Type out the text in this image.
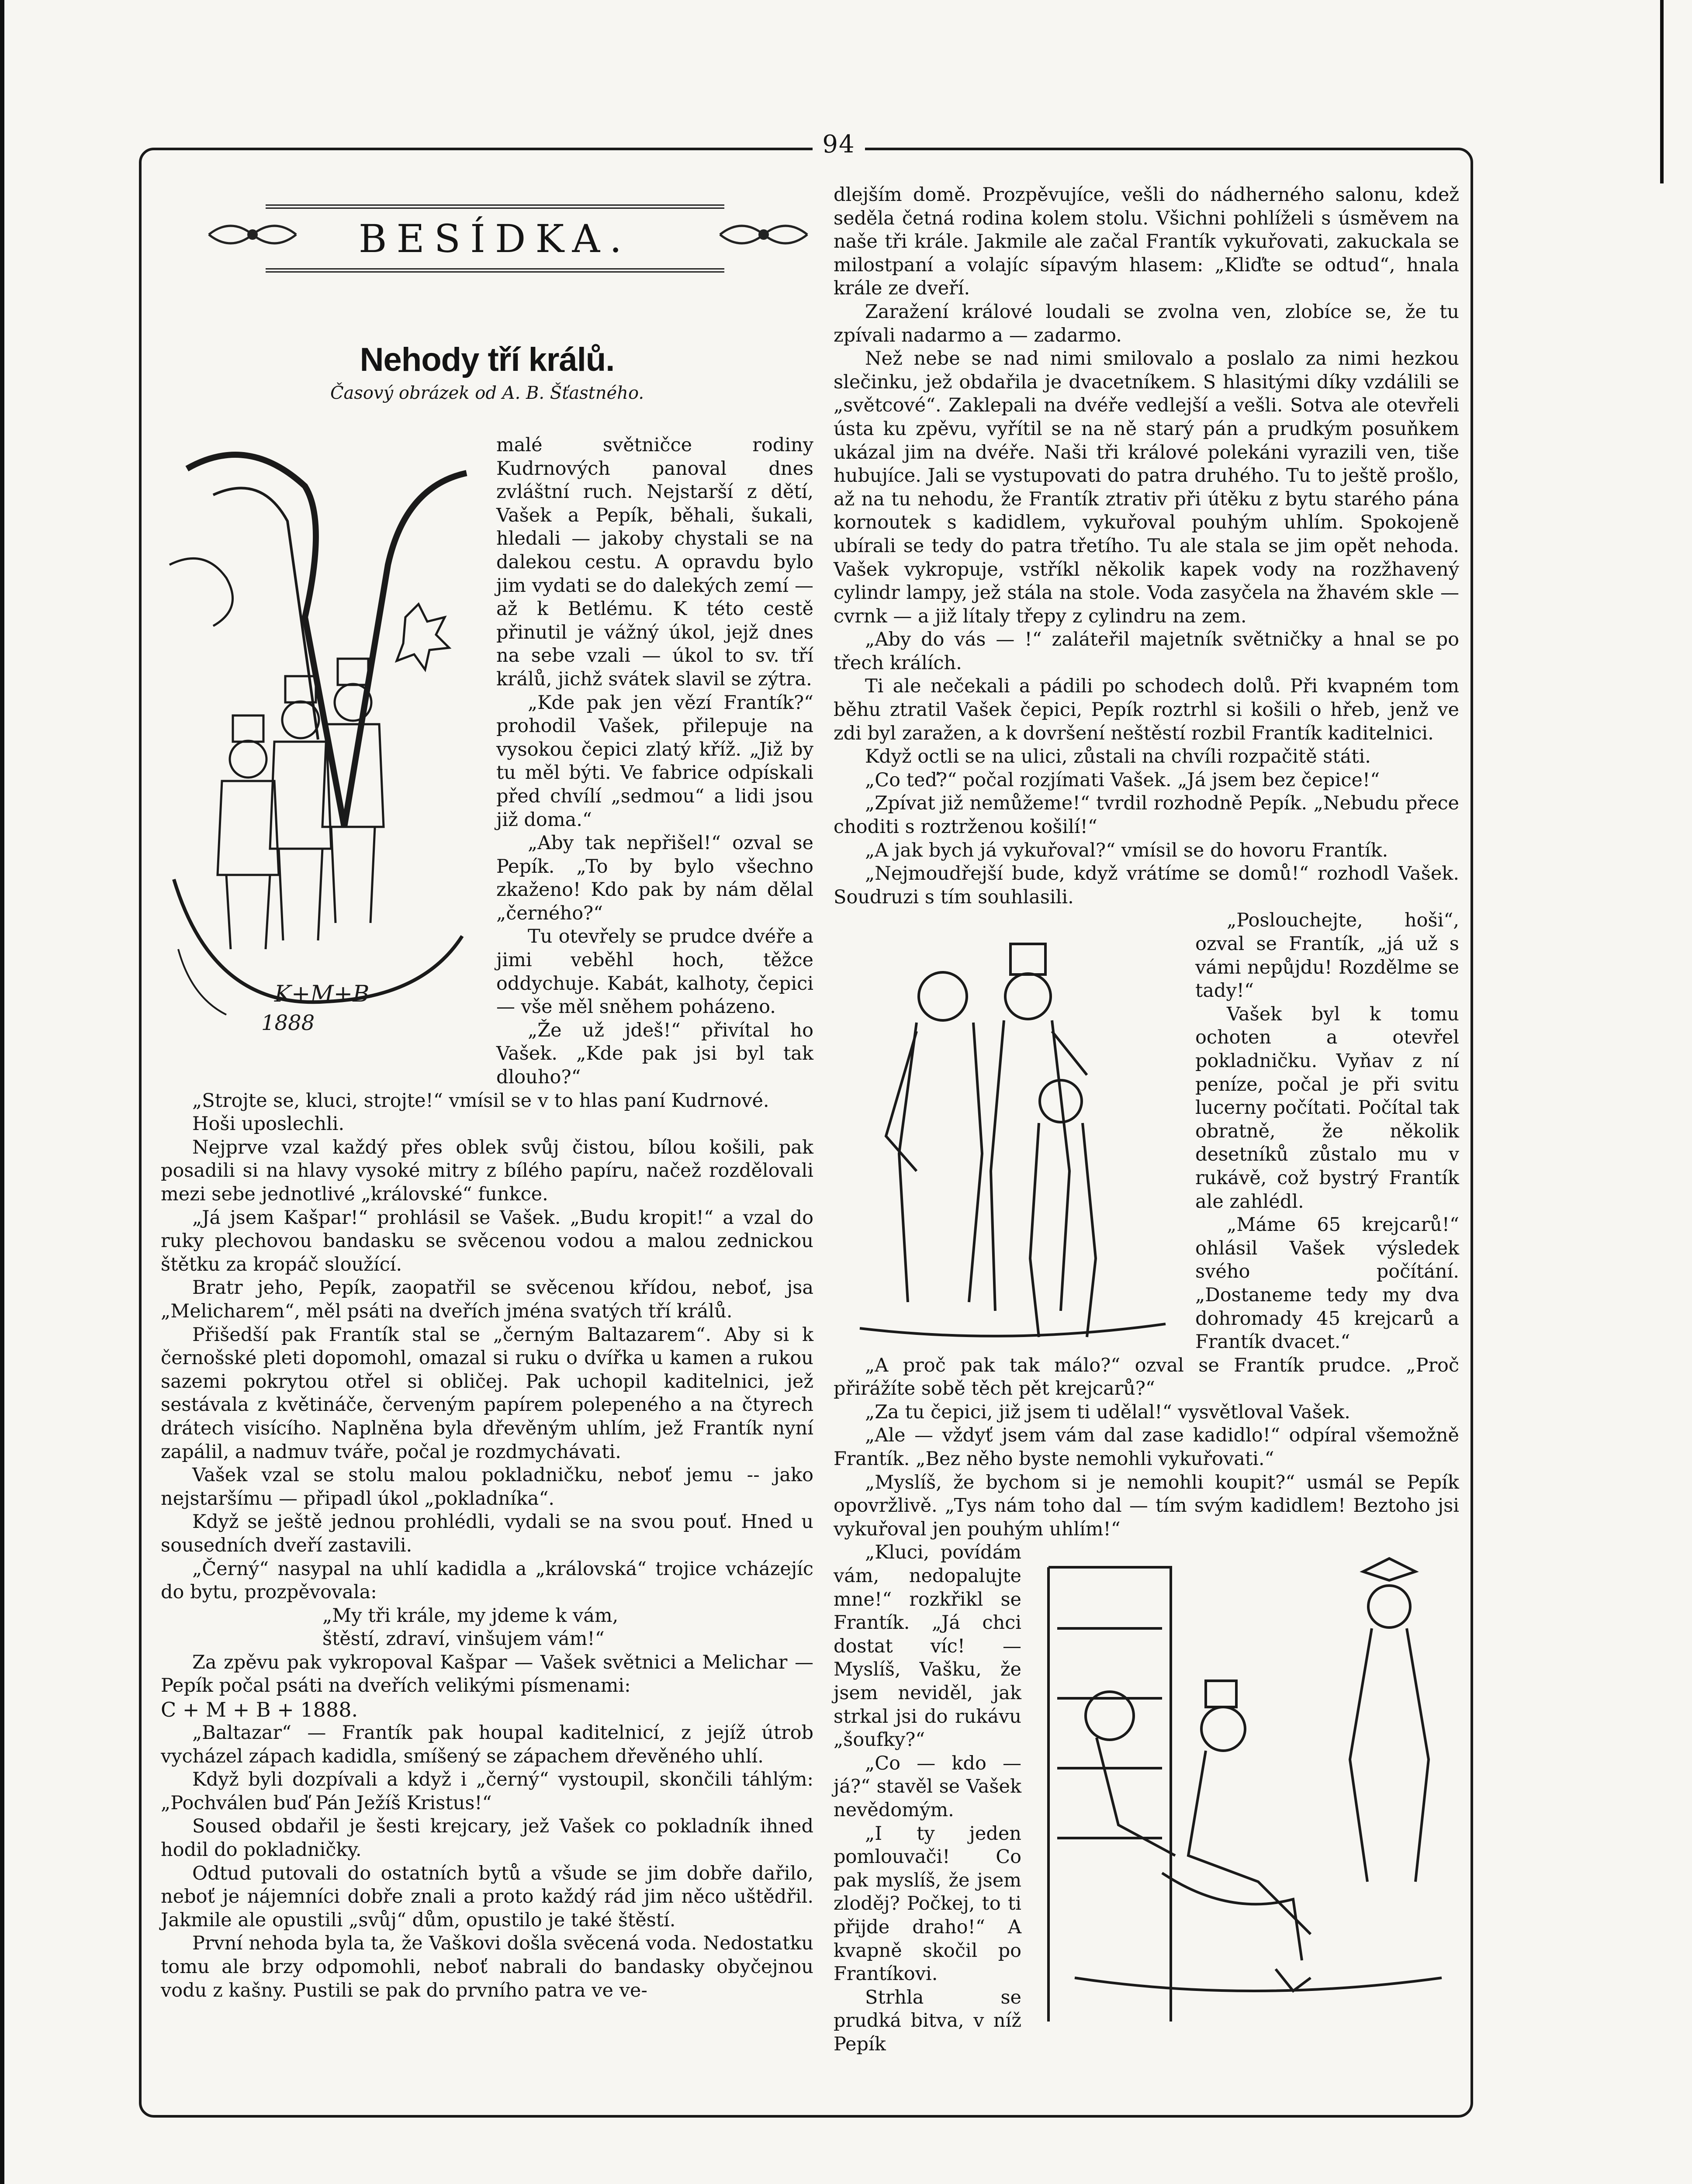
94
BESÍDKA.
Nehody tří králů.
Časový obrázek od A. B. Šťastného.
K+M+B
1888

malé světničce rodiny Kudrnových panoval dnes zvláštní ruch. Nejstarší z dětí, Vašek a Pepík, běhali, šukali, hledali — jakoby chystali se na dalekou cestu. A opravdu bylo jim vydati se do dalekých zemí — až k Betlému. K této cestě přinutil je vážný úkol, jejž dnes na sebe vzali — úkol to sv. tří králů, jichž svátek slavil se zýtra.

„Kde pak jen vězí Frantík?“ prohodil Vašek, přilepuje na vysokou čepici zlatý kříž. „Již by tu měl býti. Ve fabrice odpískali před chvílí „sedmou“ a lidi jsou již doma.“

„Aby tak nepřišel!“ ozval se Pepík. „To by bylo všechno zkaženo! Kdo pak by nám dělal „černého?“

Tu otevřely se prudce dvéře a jimi veběhl hoch, těžce oddychuje. Kabát, kalhoty, čepici — vše měl sněhem poházeno.

„Že už jdeš!“ přivítal ho Vašek. „Kde pak jsi byl tak dlouho?“

„Strojte se, kluci, strojte!“ vmísil se v to hlas paní Kudrnové.

Hoši uposlechli.

Nejprve vzal každý přes oblek svůj čistou, bílou košili, pak posadili si na hlavy vysoké mitry z bílého papíru, načež rozdělovali mezi sebe jednotlivé „královské“ funkce.

„Já jsem Kašpar!“ prohlásil se Vašek. „Budu kropit!“ a vzal do ruky plechovou bandasku se svěcenou vodou a malou zednickou štětku za kropáč sloužící.

Bratr jeho, Pepík, zaopatřil se svěcenou křídou, neboť, jsa „Melicharem“, měl psáti na dveřích jména svatých tří králů.

Přišedší pak Frantík stal se „černým Baltazarem“. Aby si k černošské pleti dopomohl, omazal si ruku o dvířka u kamen a rukou sazemi pokrytou otřel si obličej. Pak uchopil kaditelnici, jež sestávala z květináče, červeným papírem polepeného a na čtyrech drátech visícího. Naplněna byla dřevěným uhlím, jež Frantík nyní zapálil, a nadmuv tváře, počal je rozdmychávati.

Vašek vzal se stolu malou pokladničku, neboť jemu -- jako nejstaršímu — připadl úkol „pokladníka“.

Když se ještě jednou prohlédli, vydali se na svou pouť. Hned u sousedních dveří zastavili.

„Černý“ nasypal na uhlí kadidla a „královská“ trojice vcházejíc do bytu, prozpěvovala:

„My tři krále, my jdeme k vám,

štěstí, zdraví, vinšujem vám!“

Za zpěvu pak vykropoval Kašpar — Vašek světnici a Melichar — Pepík počal psáti na dveřích velikými písmenami:

C + M + B + 1888.

„Baltazar“ — Frantík pak houpal kaditelnicí, z jejíž útrob vycházel zápach kadidla, smíšený se zápachem dřevěného uhlí.

Když byli dozpívali a když i „černý“ vystoupil, skončili táhlým: „Pochválen buď Pán Ježíš Kristus!“

Soused obdařil je šesti krejcary, jež Vašek co pokladník ihned hodil do pokladničky.

Odtud putovali do ostatních bytů a všude se jim dobře dařilo, neboť je nájemníci dobře znali a proto každý rád jim něco uštědřil. Jakmile ale opustili „svůj“ dům, opustilo je také štěstí.

První nehoda byla ta, že Vaškovi došla svěcená voda. Nedostatku tomu ale brzy odpomohli, neboť nabrali do bandasky obyčejnou vodu z kašny. Pustili se pak do prvního patra ve ve-

dlejším domě. Prozpěvujíce, vešli do nádherného salonu, kdež seděla četná rodina kolem stolu. Všichni pohlíželi s úsměvem na naše tři krále. Jakmile ale začal Frantík vykuřovati, zakuckala se milostpaní a volajíc sípavým hlasem: „Kliďte se odtud“, hnala krále ze dveří.

Zaražení králové loudali se zvolna ven, zlobíce se, že tu zpívali nadarmo a — zadarmo.

Než nebe se nad nimi smilovalo a poslalo za nimi hezkou slečinku, jež obdařila je dvacetníkem. S hlasitými díky vzdálili se „světcové“. Zaklepali na dvéře vedlejší a vešli. Sotva ale otevřeli ústa ku zpěvu, vyřítil se na ně starý pán a prudkým posuňkem ukázal jim na dvéře. Naši tři králové polekáni vyrazili ven, tiše hubujíce. Jali se vystupovati do patra druhého. Tu to ještě prošlo, až na tu nehodu, že Frantík ztrativ při útěku z bytu starého pána kornoutek s kadidlem, vykuřoval pouhým uhlím. Spokojeně ubírali se tedy do patra třetího. Tu ale stala se jim opět nehoda. Vašek vykropuje, vstříkl několik kapek vody na rozžhavený cylindr lampy, jež stála na stole. Voda zasyčela na žhavém skle — cvrnk — a již lítaly třepy z cylindru na zem.

„Aby do vás — !“ zaláteřil majetník světničky a hnal se po třech králích.

Ti ale nečekali a pádili po schodech dolů. Při kvapném tom běhu ztratil Vašek čepici, Pepík roztrhl si košili o hřeb, jenž ve zdi byl zaražen, a k dovršení neštěstí rozbil Frantík kaditelnici.

Když octli se na ulici, zůstali na chvíli rozpačitě státi.

„Co teď?“ počal rozjímati Vašek. „Já jsem bez čepice!“

„Zpívat již nemůžeme!“ tvrdil rozhodně Pepík. „Nebudu přece choditi s roztrženou košilí!“

„A jak bych já vykuřoval?“ vmísil se do hovoru Frantík.

„Nejmoudřejší bude, když vrátíme se domů!“ rozhodl Vašek. Soudruzi s tím souhlasili.

„Poslouchejte, hoši“, ozval se Frantík, „já už s vámi nepůjdu! Rozdělme se tady!“

Vašek byl k tomu ochoten a otevřel pokladničku. Vyňav z ní peníze, počal je při svitu lucerny počítati. Počítal tak obratně, že několik desetníků zůstalo mu v rukávě, což bystrý Frantík ale zahlédl.

„Máme 65 krejcarů!“ ohlásil Vašek výsledek svého počítání. „Dostaneme tedy my dva dohromady 45 krejcarů a Frantík dvacet.“

„A proč pak tak málo?“ ozval se Frantík prudce. „Proč přirážíte sobě těch pět krejcarů?“

„Za tu čepici, již jsem ti udělal!“ vysvětloval Vašek.

„Ale — vždyť jsem vám dal zase kadidlo!“ odpíral všemožně Frantík. „Bez něho byste nemohli vykuřovati.“

„Myslíš, že bychom si je nemohli koupit?“ usmál se Pepík opovržlivě. „Tys nám toho dal — tím svým kadidlem! Beztoho jsi vykuřoval jen pouhým uhlím!“

„Kluci, povídám vám, nedopalujte mne!“ rozkřikl se Frantík. „Já chci dostat víc! — Myslíš, Vašku, že jsem neviděl, jak strkal jsi do rukávu „šoufky?“

„Co — kdo — já?“ stavěl se Vašek nevědomým.

„I ty jeden pomlouvači! Co pak myslíš, že jsem zloděj? Počkej, to ti přijde draho!“ A kvapně skočil po Frantíkovi.

Strhla se prudká bitva, v níž Pepík
